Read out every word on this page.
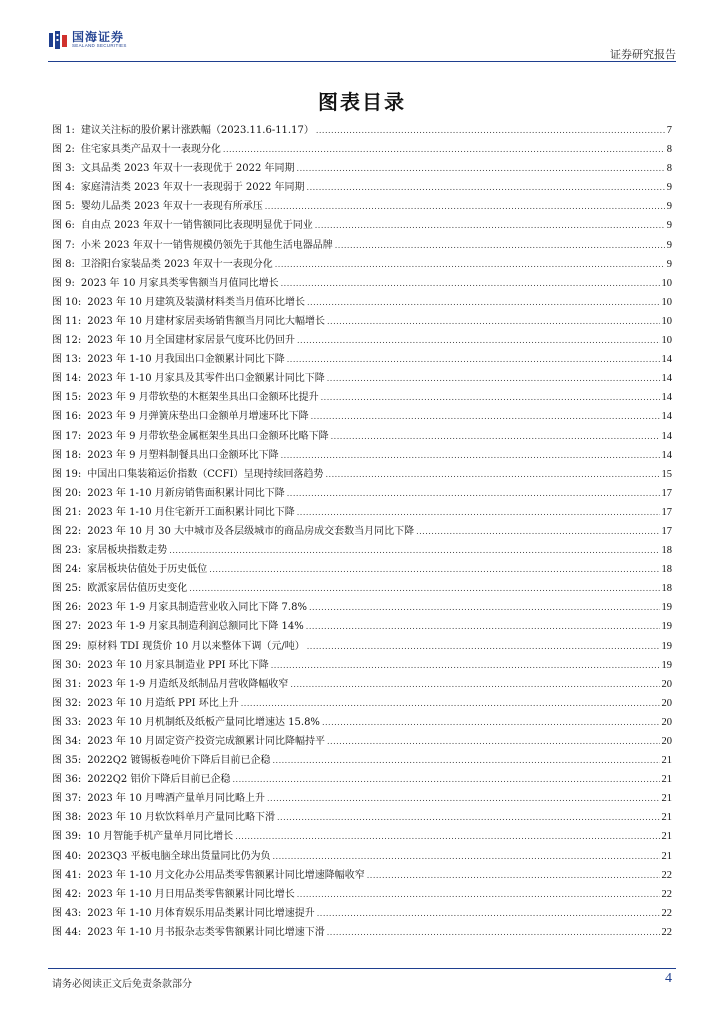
国海证券
SEALAND SECURITIES
证券研究报告
图表目录
图 1: 建议关注标的股价累计涨跌幅（2023.11.6-11.17） .....	7
图 2: 住宅家具类产品双十一表现分化 .....	8
图 3: 文具品类 2023 年双十一表现优于 2022 年同期 .....	8
图 4: 家庭清洁类 2023 年双十一表现弱于 2022 年同期 .....	9
图 5: 婴幼儿品类 2023 年双十一表现有所承压 .....	9
图 6: 自由点 2023 年双十一销售额同比表现明显优于同业 .....	9
图 7: 小米 2023 年双十一销售规模仍领先于其他生活电器品牌 .....	9
图 8: 卫浴阳台家装品类 2023 年双十一表现分化 .....	9
图 9: 2023 年 10 月家具类零售额当月值同比增长 .....	10
图 10: 2023 年 10 月建筑及装潢材料类当月值环比增长 .....	10
图 11: 2023 年 10 月建材家居卖场销售额当月同比大幅增长 .....	10
图 12: 2023 年 10 月全国建材家居景气度环比仍回升 .....	10
图 13: 2023 年 1-10 月我国出口金额累计同比下降 .....	14
图 14: 2023 年 1-10 月家具及其零件出口金额累计同比下降 .....	14
图 15: 2023 年 9 月带软垫的木框架坐具出口金额环比提升 .....	14
图 16: 2023 年 9 月弹簧床垫出口金额单月增速环比下降 .....	14
图 17: 2023 年 9 月带软垫金属框架坐具出口金额环比略下降 .....	14
图 18: 2023 年 9 月塑料制餐具出口金额环比下降 .....	14
图 19: 中国出口集装箱运价指数（CCFI）呈现持续回落趋势 .....	15
图 20: 2023 年 1-10 月新房销售面积累计同比下降 .....	17
图 21: 2023 年 1-10 月住宅新开工面积累计同比下降 .....	17
图 22: 2023 年 10 月 30 大中城市及各层级城市的商品房成交套数当月同比下降 .....	17
图 23: 家居板块指数走势 .....	18
图 24: 家居板块估值处于历史低位 .....	18
图 25: 欧派家居估值历史变化 .....	18
图 26: 2023 年 1-9 月家具制造营业收入同比下降 7.8% .....	19
图 27: 2023 年 1-9 月家具制造利润总额同比下降 14% .....	19
图 29: 原材料 TDI 现货价 10 月以来整体下调（元/吨） .....	19
图 30: 2023 年 10 月家具制造业 PPI 环比下降 .....	19
图 31: 2023 年 1-9 月造纸及纸制品月营收降幅收窄 .....	20
图 32: 2023 年 10 月造纸 PPI 环比上升 .....	20
图 33: 2023 年 10 月机制纸及纸板产量同比增速达 15.8% .....	20
图 34: 2023 年 10 月固定资产投资完成额累计同比降幅持平 .....	20
图 35: 2022Q2 镀锡板卷吨价下降后目前已企稳 .....	21
图 36: 2022Q2 铝价下降后目前已企稳 .....	21
图 37: 2023 年 10 月啤酒产量单月同比略上升 .....	21
图 38: 2023 年 10 月软饮料单月产量同比略下滑 .....	21
图 39: 10 月智能手机产量单月同比增长 .....	21
图 40: 2023Q3 平板电脑全球出货量同比仍为负 .....	21
图 41: 2023 年 1-10 月文化办公用品类零售额累计同比增速降幅收窄 .....	22
图 42: 2023 年 1-10 月日用品类零售额累计同比增长 .....	22
图 43: 2023 年 1-10 月体育娱乐用品类累计同比增速提升 .....	22
图 44: 2023 年 1-10 月书报杂志类零售额累计同比增速下滑 .....	22
请务必阅读正文后免责条款部分	4
